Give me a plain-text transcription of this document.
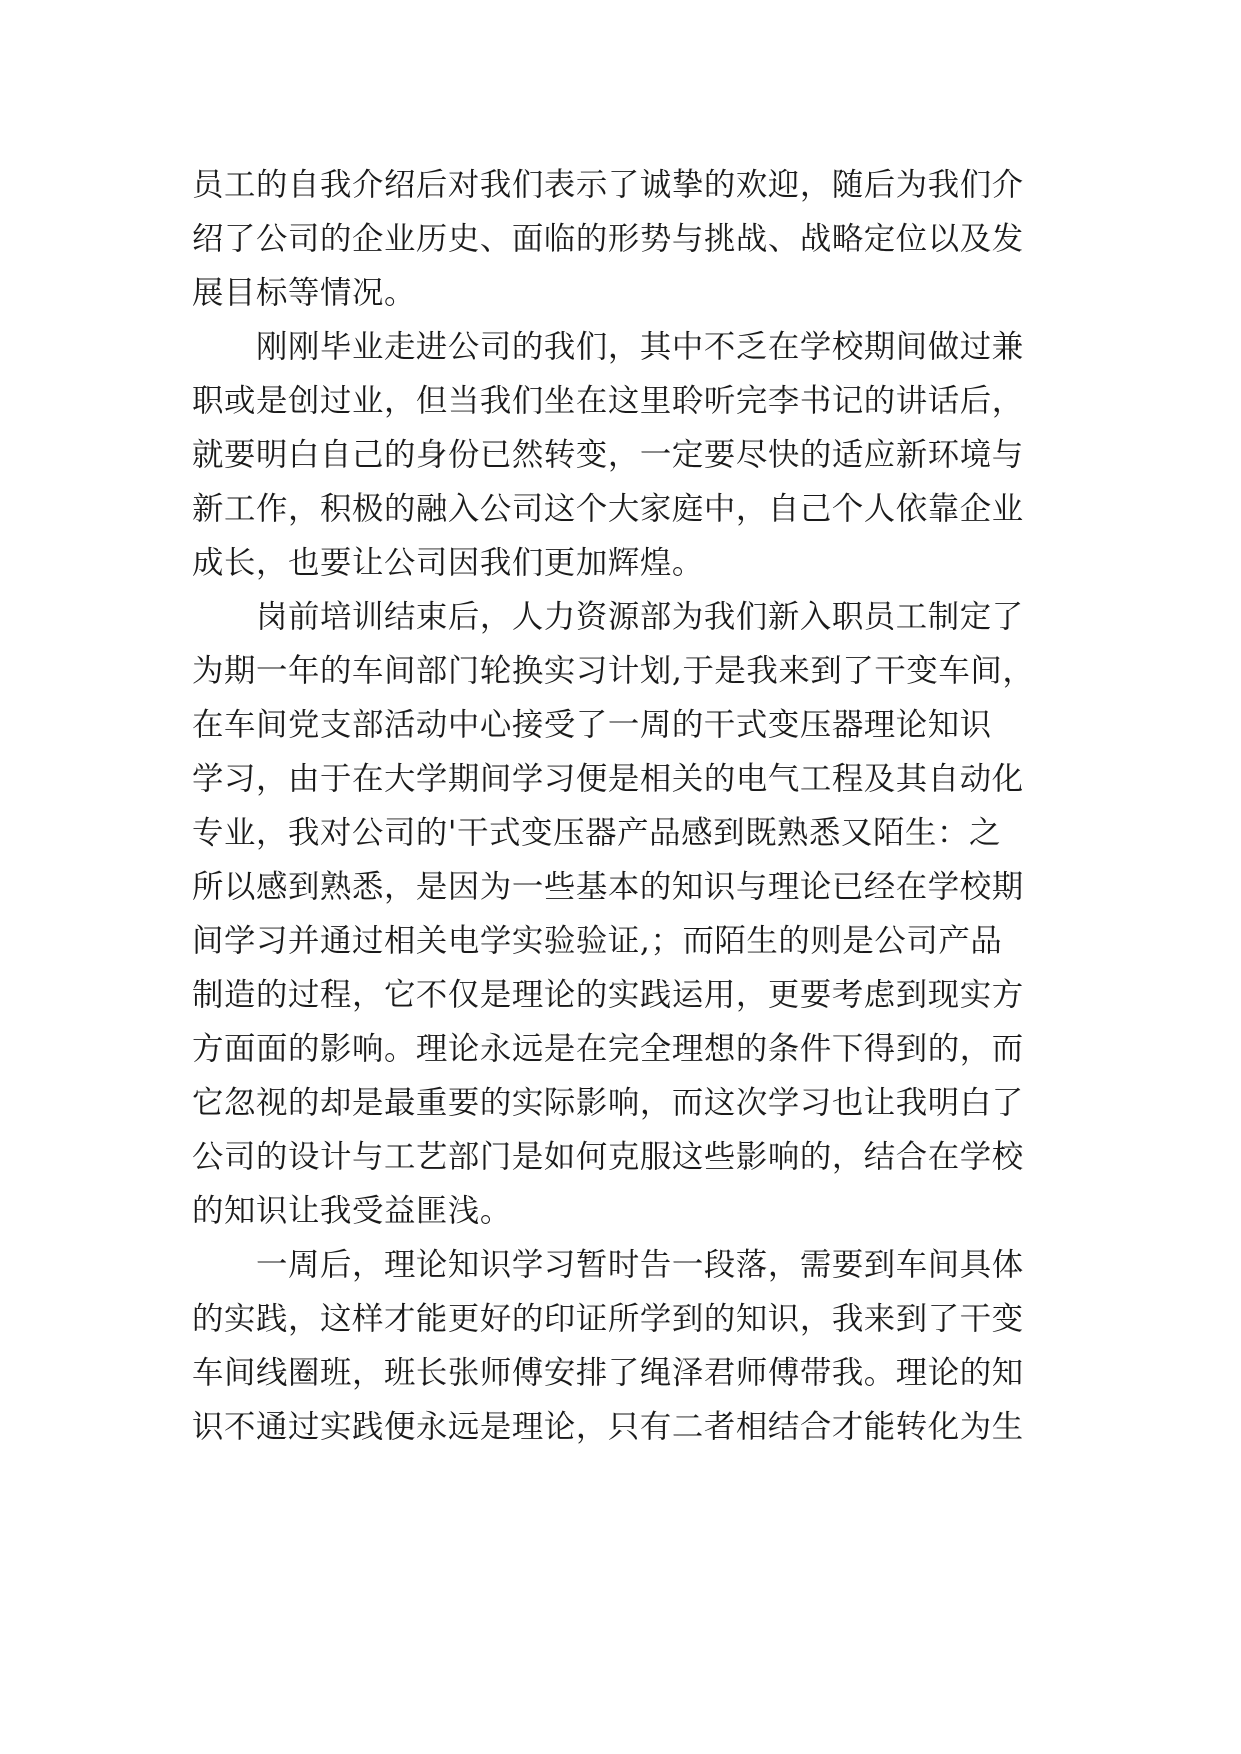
员工的自我介绍后对我们表示了诚挚的欢迎，随后为我们介
绍了公司的企业历史、面临的形势与挑战、战略定位以及发
展目标等情况。
　　刚刚毕业走进公司的我们，其中不乏在学校期间做过兼
职或是创过业，但当我们坐在这里聆听完李书记的讲话后，
就要明白自己的身份已然转变，一定要尽快的适应新环境与
新工作，积极的融入公司这个大家庭中，自己个人依靠企业
成长，也要让公司因我们更加辉煌。
　　岗前培训结束后，人力资源部为我们新入职员工制定了
为期一年的车间部门轮换实习计划,于是我来到了干变车间，
在车间党支部活动中心接受了一周的干式变压器理论知识
学习，由于在大学期间学习便是相关的电气工程及其自动化
专业，我对公司的'干式变压器产品感到既熟悉又陌生：之
所以感到熟悉，是因为一些基本的知识与理论已经在学校期
间学习并通过相关电学实验验证,；而陌生的则是公司产品
制造的过程，它不仅是理论的实践运用，更要考虑到现实方
方面面的影响。理论永远是在完全理想的条件下得到的，而
它忽视的却是最重要的实际影响，而这次学习也让我明白了
公司的设计与工艺部门是如何克服这些影响的，结合在学校
的知识让我受益匪浅。
　　一周后，理论知识学习暂时告一段落，需要到车间具体
的实践，这样才能更好的印证所学到的知识，我来到了干变
车间线圈班，班长张师傅安排了绳泽君师傅带我。理论的知
识不通过实践便永远是理论，只有二者相结合才能转化为生
